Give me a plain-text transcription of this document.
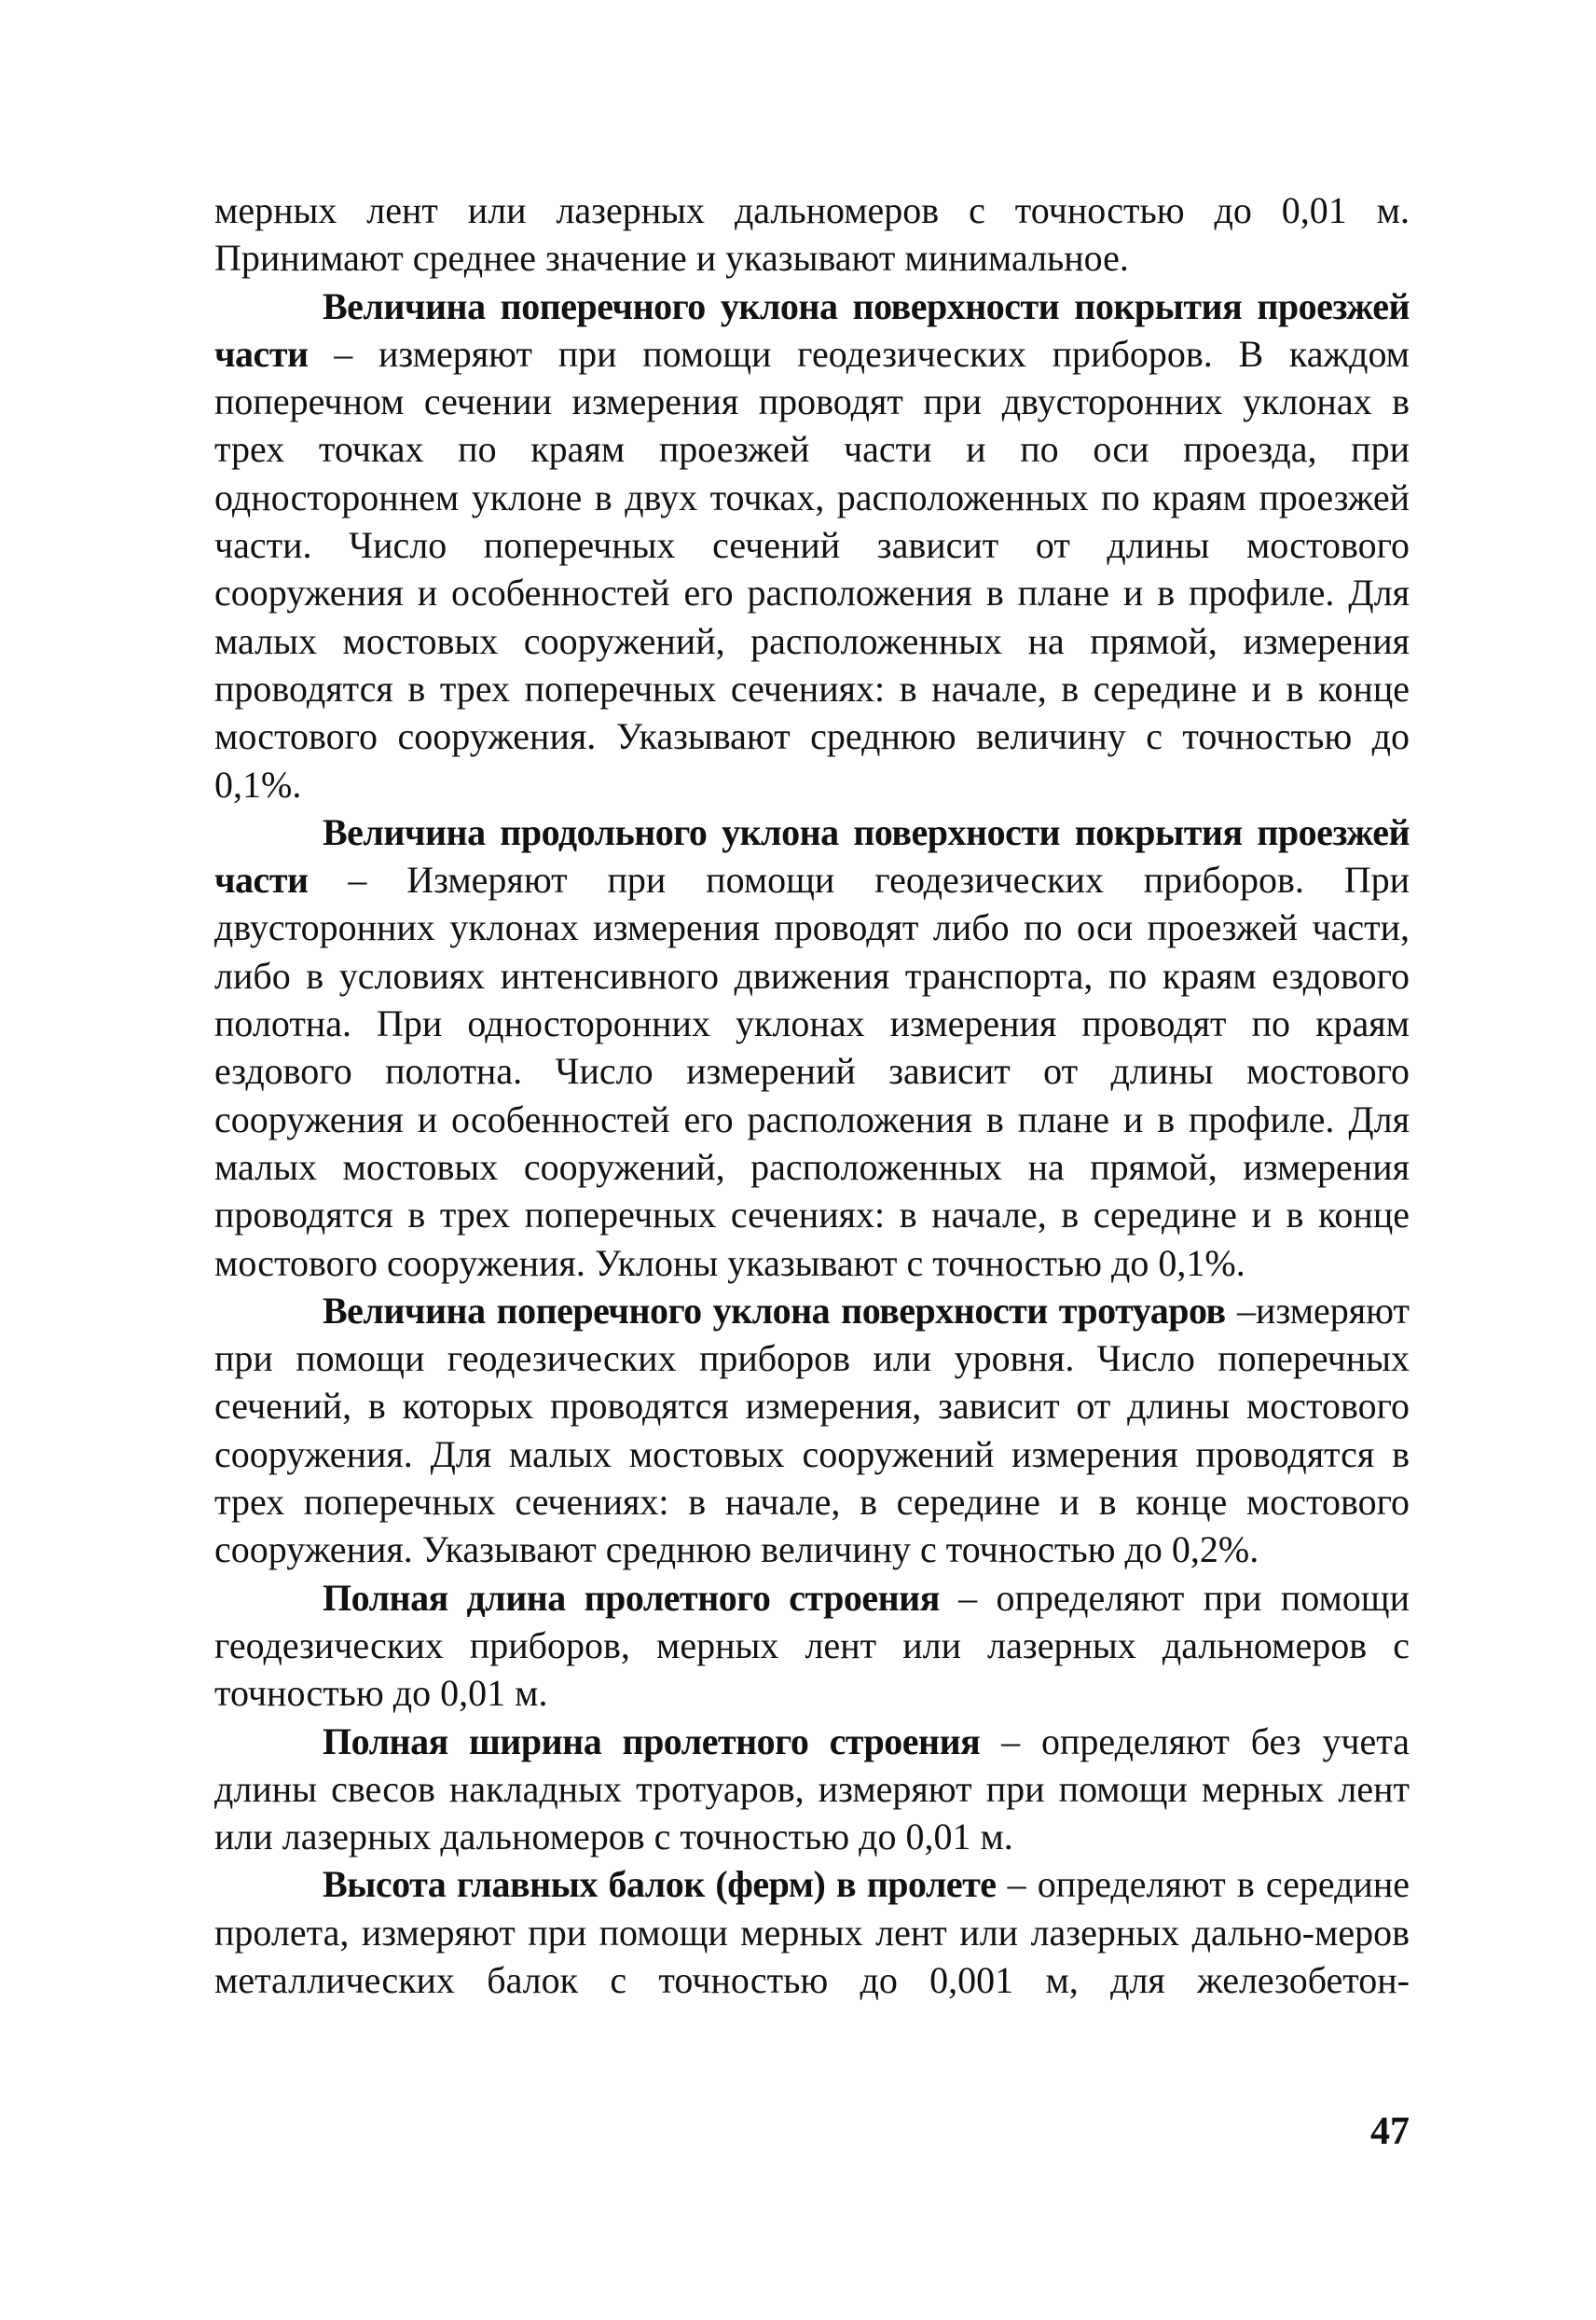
мерных лент или лазерных дальномеров с точностью до 0,01 м. Принимают среднее значение и указывают минимальное.

Величина поперечного уклона поверхности покрытия проезжей части – измеряют при помощи геодезических приборов. В каждом поперечном сечении измерения проводят при двусторонних уклонах в трех точках по краям проезжей части и по оси проезда, при одностороннем уклоне в двух точках, расположенных по краям проезжей части. Число поперечных сечений зависит от длины мостового сооружения и особенностей его расположения в плане и в профиле. Для малых мостовых сооружений, расположенных на прямой, измерения проводятся в трех поперечных сечениях: в начале, в середине и в конце мостового сооружения. Указывают среднюю величину с точностью до 0,1%.

Величина продольного уклона поверхности покрытия проезжей части – Измеряют при помощи геодезических приборов. При двусторонних уклонах измерения проводят либо по оси проезжей части, либо в условиях интенсивного движения транспорта, по краям ездового полотна. При односторонних уклонах измерения проводят по краям ездового полотна. Число измерений зависит от длины мостового сооружения и особенностей его расположения в плане и в профиле. Для малых мостовых сооружений, расположенных на прямой, измерения проводятся в трех поперечных сечениях: в начале, в середине и в конце мостового сооружения. Уклоны указывают с точностью до 0,1%.

Величина поперечного уклона поверхности тротуаров –измеряют при помощи геодезических приборов или уровня. Число поперечных сечений, в которых проводятся измерения, зависит от длины мостового сооружения. Для малых мостовых сооружений измерения проводятся в трех поперечных сечениях: в начале, в середине и в конце мостового сооружения. Указывают среднюю величину с точностью до 0,2%.

Полная длина пролетного строения – определяют при помощи геодезических приборов, мерных лент или лазерных дальномеров с точностью до 0,01 м.

Полная ширина пролетного строения – определяют без учета длины свесов накладных тротуаров, измеряют при помощи мерных лент или лазерных дальномеров с точностью до 0,01 м.

Высота главных балок (ферм) в пролете – определяют в середине пролета, измеряют при помощи мерных лент или лазерных дально-меров металлических балок с точностью до 0,001 м, для железобетон-

47
